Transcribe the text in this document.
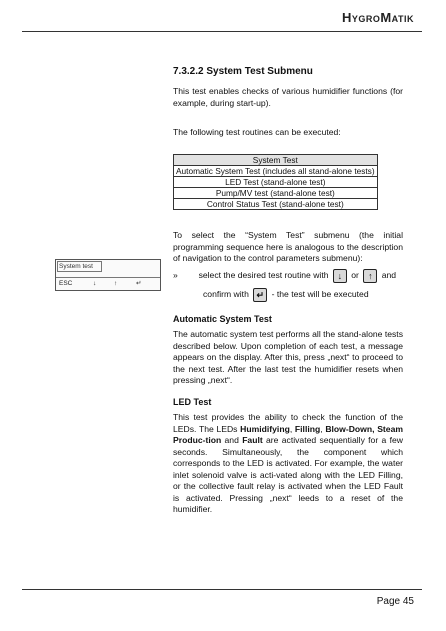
HygroMatik
7.3.2.2 System Test Submenu
This test enables checks of various humidifier functions (for example, during start-up).
The following test routines can be executed:
System Test
Automatic System Test (includes all stand-alone tests)
LED Test (stand-alone test)
Pump/MV test (stand-alone test)
Control Status Test (stand-alone test)
To select the “System Test” submenu (the initial programming sequence here is analogous to the description of navigation to the control parameters submenu):
System test
ESC	↓	↑	↵
» select the desired test routine with ↓ or ↑ and
confirm with ↵ - the test will be executed
Automatic System Test
The automatic system test performs all the stand-alone tests described below. Upon completion of each test, a message appears on the display. After this, press „next“ to proceed to the next test. After the last test the humidifier resets when pressing „next“.
LED Test
This test provides the ability to check the function of the LEDs. The LEDs Humidifying, Filling, Blow-Down, Steam Produc-tion and Fault are activated sequentially for a few seconds. Simultaneously, the component which corresponds to the LED is activated. For example, the water inlet solenoid valve is acti-vated along with the LED Filling, or the collective fault relay is activated when the LED Fault is activated. Pressing „next“ leeds to a reset of the humidifier.
Page 45
